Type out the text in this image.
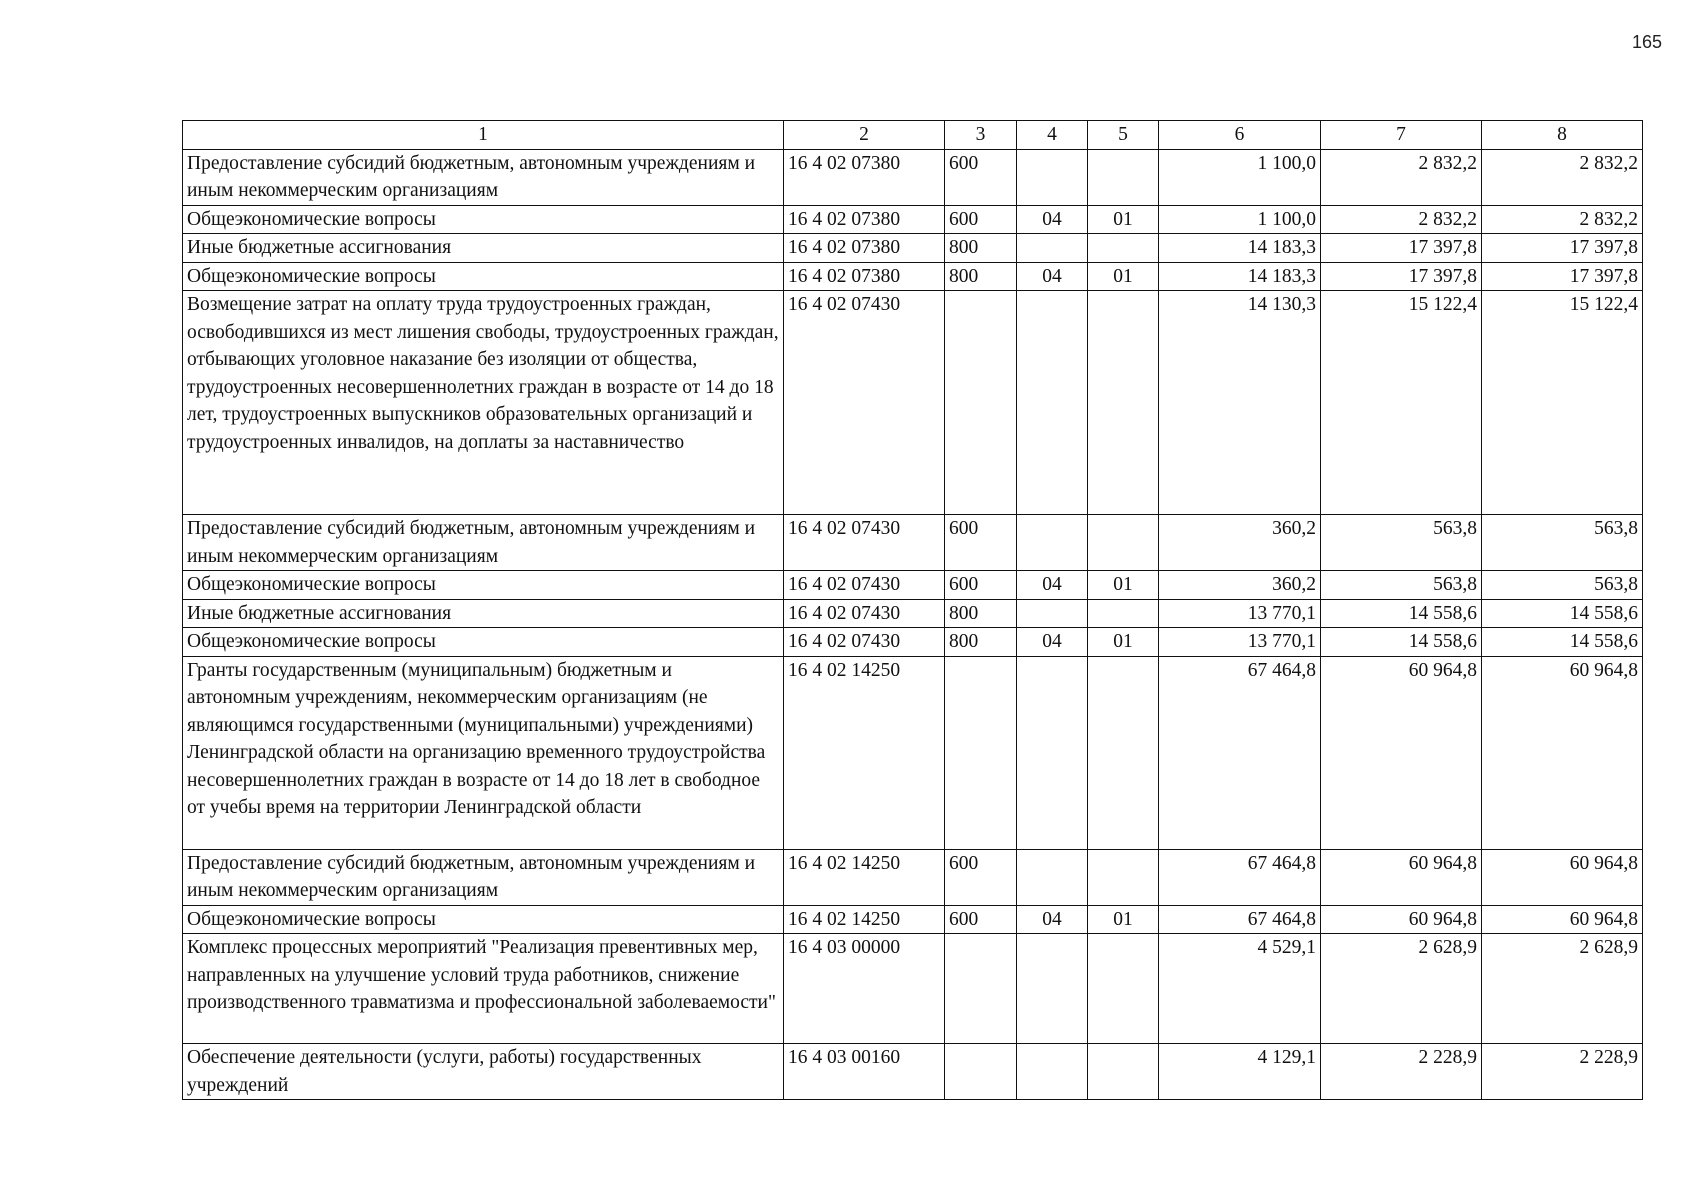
165
1	2	3	4	5	6	7	8
Предоставление субсидий бюджетным, автономным учреждениям и иным некоммерческим организациям	16 4 02 07380	600			1 100,0	2 832,2	2 832,2
Общеэкономические вопросы	16 4 02 07380	600	04	01	1 100,0	2 832,2	2 832,2
Иные бюджетные ассигнования	16 4 02 07380	800			14 183,3	17 397,8	17 397,8
Общеэкономические вопросы	16 4 02 07380	800	04	01	14 183,3	17 397,8	17 397,8
Возмещение затрат на оплату труда трудоустроенных граждан, освободившихся из мест лишения свободы, трудоустроенных граждан, отбывающих уголовное наказание без изоляции от общества, трудоустроенных несовершеннолетних граждан в возрасте от 14 до 18 лет, трудоустроенных выпускников образовательных организаций и трудоустроенных инвалидов, на доплаты за наставничество	16 4 02 07430				14 130,3	15 122,4	15 122,4
Предоставление субсидий бюджетным, автономным учреждениям и иным некоммерческим организациям	16 4 02 07430	600			360,2	563,8	563,8
Общеэкономические вопросы	16 4 02 07430	600	04	01	360,2	563,8	563,8
Иные бюджетные ассигнования	16 4 02 07430	800			13 770,1	14 558,6	14 558,6
Общеэкономические вопросы	16 4 02 07430	800	04	01	13 770,1	14 558,6	14 558,6
Гранты государственным (муниципальным) бюджетным и автономным учреждениям, некоммерческим организациям (не являющимся государственными (муниципальными) учреждениями) Ленинградской области на организацию временного трудоустройства несовершеннолетних граждан в возрасте от 14 до 18 лет в свободное от учебы время на территории Ленинградской области	16 4 02 14250				67 464,8	60 964,8	60 964,8
Предоставление субсидий бюджетным, автономным учреждениям и иным некоммерческим организациям	16 4 02 14250	600			67 464,8	60 964,8	60 964,8
Общеэкономические вопросы	16 4 02 14250	600	04	01	67 464,8	60 964,8	60 964,8
Комплекс процессных мероприятий "Реализация превентивных мер, направленных на улучшение условий труда работников, снижение производственного травматизма и профессиональной заболеваемости"	16 4 03 00000				4 529,1	2 628,9	2 628,9
Обеспечение деятельности (услуги, работы) государственных учреждений	16 4 03 00160				4 129,1	2 228,9	2 228,9
